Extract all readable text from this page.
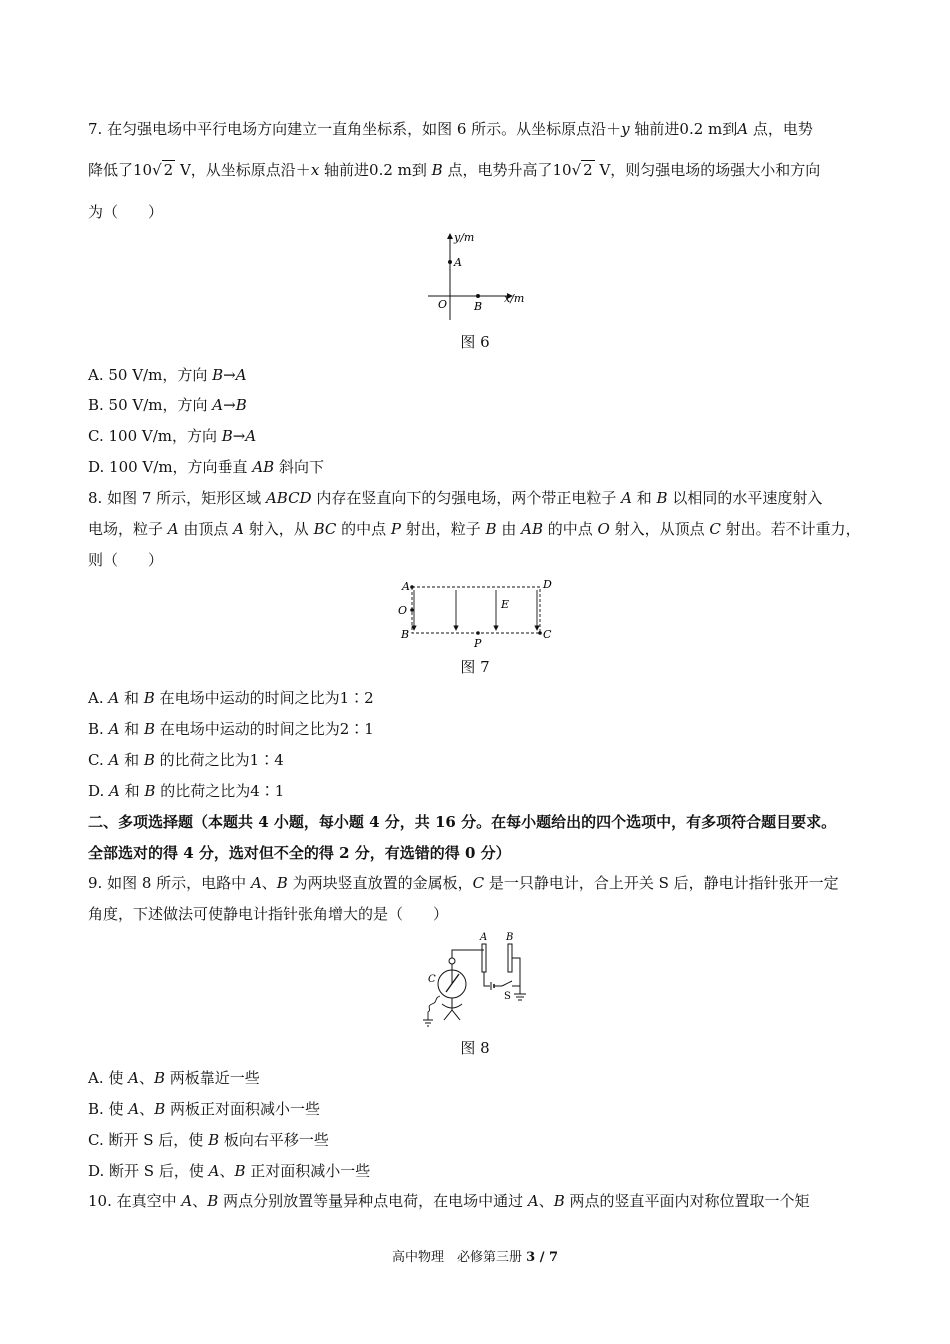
7. 在匀强电场中平行电场方向建立一直角坐标系，如图 6 所示。从坐标原点沿＋y 轴前进0.2 m到A 点，电势
降低了10√ 2 V，从坐标原点沿＋x 轴前进0.2 m到 B 点，电势升高了10√ 2 V，则匀强电场的场强大小和方向
为（　　）
y/m
x/m
O
A
B
图 6
A. 50 V/m，方向 B→A
B. 50 V/m，方向 A→B
C. 100 V/m，方向 B→A
D. 100 V/m，方向垂直 AB 斜向下
8. 如图 7 所示，矩形区域 ABCD 内存在竖直向下的匀强电场，两个带正电粒子 A 和 B 以相同的水平速度射入
电场，粒子 A 由顶点 A 射入，从 BC 的中点 P 射出，粒子 B 由 AB 的中点 O 射入，从顶点 C 射出。若不计重力，
则（　　）
A
O
B
D
C
P
E
图 7
A. A 和 B 在电场中运动的时间之比为1∶2
B. A 和 B 在电场中运动的时间之比为2∶1
C. A 和 B 的比荷之比为1∶4
D. A 和 B 的比荷之比为4∶1
二、多项选择题（本题共 4 小题，每小题 4 分，共 16 分。在每小题给出的四个选项中，有多项符合题目要求。
全部选对的得 4 分，选对但不全的得 2 分，有选错的得 0 分）
9. 如图 8 所示，电路中 A、B 为两块竖直放置的金属板，C 是一只静电计，合上开关 S 后，静电计指针张开一定
角度，下述做法可使静电计指针张角增大的是（　　）
A B
C
S
图 8
A. 使 A、B 两板靠近一些
B. 使 A、B 两板正对面积减小一些
C. 断开 S 后，使 B 板向右平移一些
D. 断开 S 后，使 A、B 正对面积减小一些
10. 在真空中 A、B 两点分别放置等量异种点电荷，在电场中通过 A、B 两点的竖直平面内对称位置取一个矩
高中物理　必修第三册 3 / 7
